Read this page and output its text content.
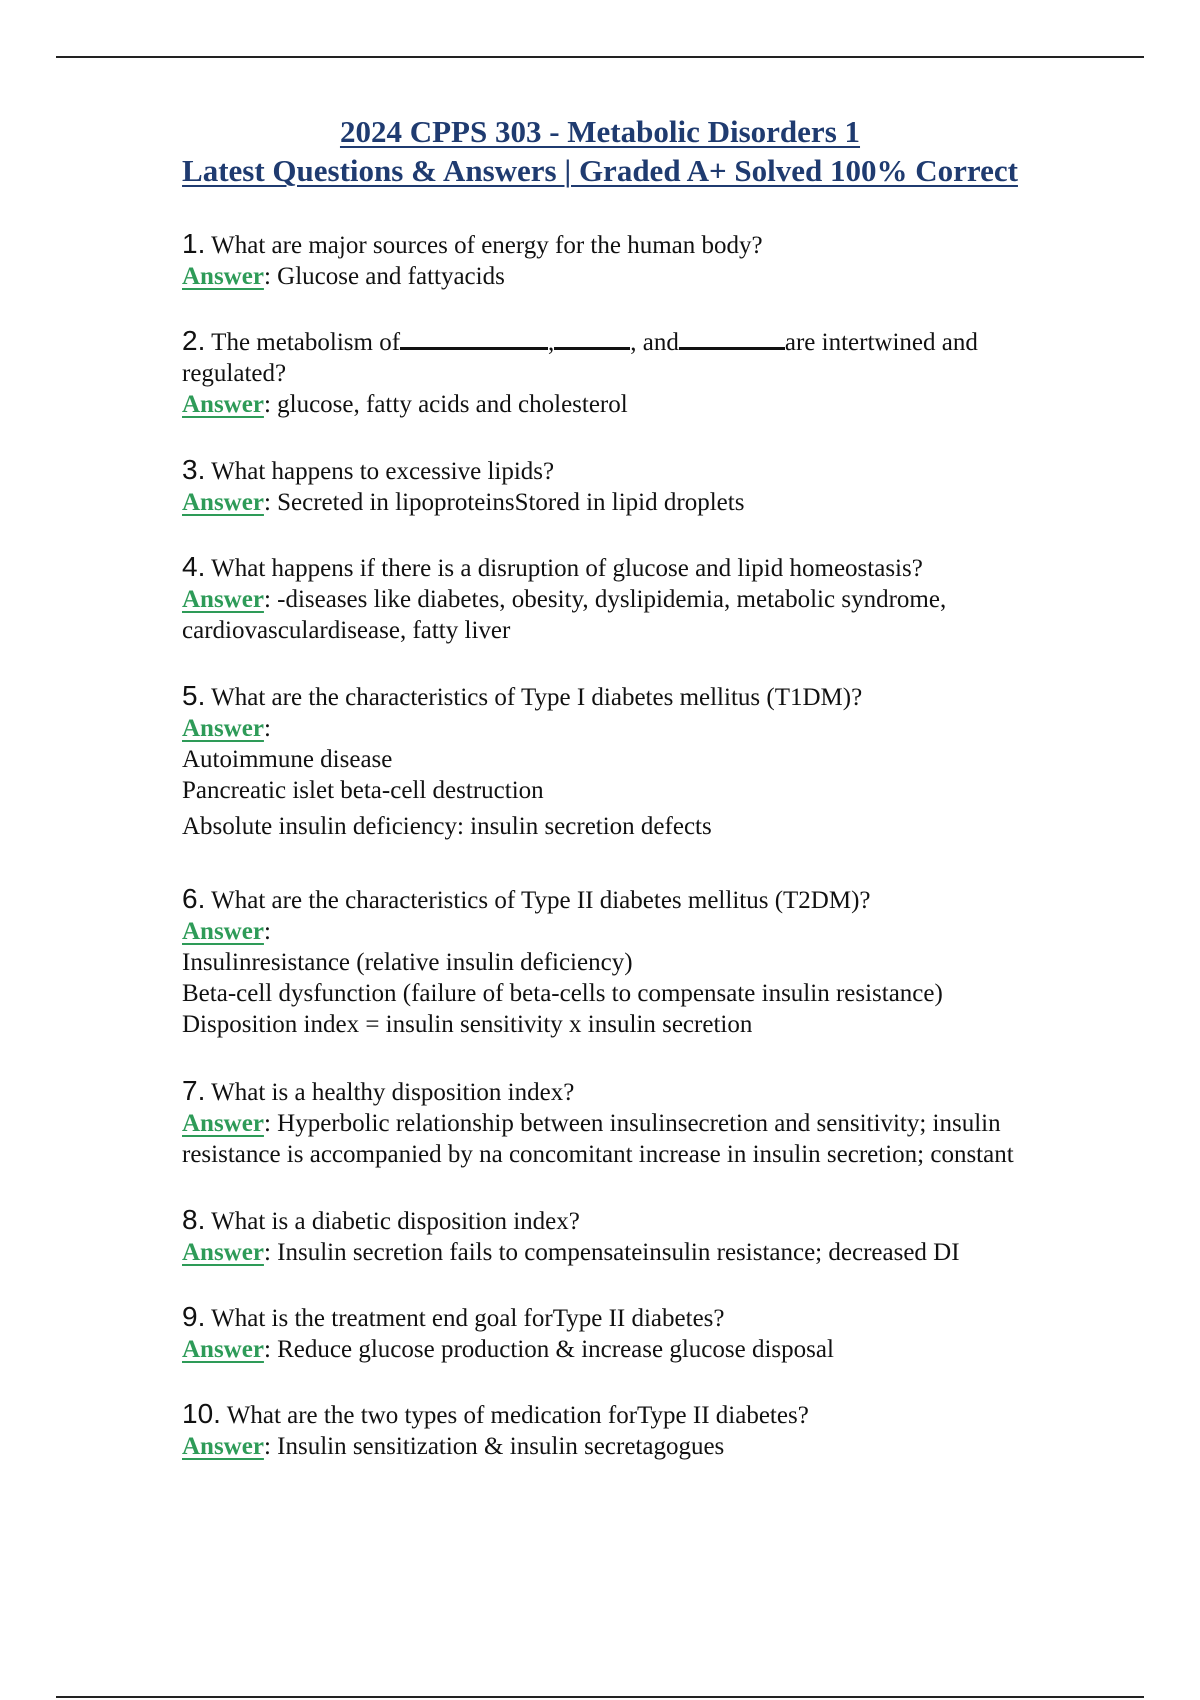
2024 CPPS 303 - Metabolic Disorders 1
Latest Questions & Answers | Graded A+ Solved 100% Correct
1. What are major sources of energy for the human body?
Answer: Glucose and fattyacids
2. The metabolism of	,	, and	are intertwined and
regulated?
Answer: glucose, fatty acids and cholesterol
3. What happens to excessive lipids?
Answer: Secreted in lipoproteinsStored in lipid droplets
4. What happens if there is a disruption of glucose and lipid homeostasis?
Answer: -diseases like diabetes, obesity, dyslipidemia, metabolic syndrome,
cardiovasculardisease, fatty liver
5. What are the characteristics of Type I diabetes mellitus (T1DM)?
Answer:
Autoimmune disease
Pancreatic islet beta-cell destruction
Absolute insulin deficiency: insulin secretion defects
6. What are the characteristics of Type II diabetes mellitus (T2DM)?
Answer:
Insulinresistance (relative insulin deficiency)
Beta-cell dysfunction (failure of beta-cells to compensate insulin resistance)
Disposition index = insulin sensitivity x insulin secretion
7. What is a healthy disposition index?
Answer: Hyperbolic relationship between insulinsecretion and sensitivity; insulin
resistance is accompanied by na concomitant increase in insulin secretion; constant
8. What is a diabetic disposition index?
Answer: Insulin secretion fails to compensateinsulin resistance; decreased DI
9. What is the treatment end goal forType II diabetes?
Answer: Reduce glucose production & increase glucose disposal
10. What are the two types of medication forType II diabetes?
Answer: Insulin sensitization & insulin secretagogues
